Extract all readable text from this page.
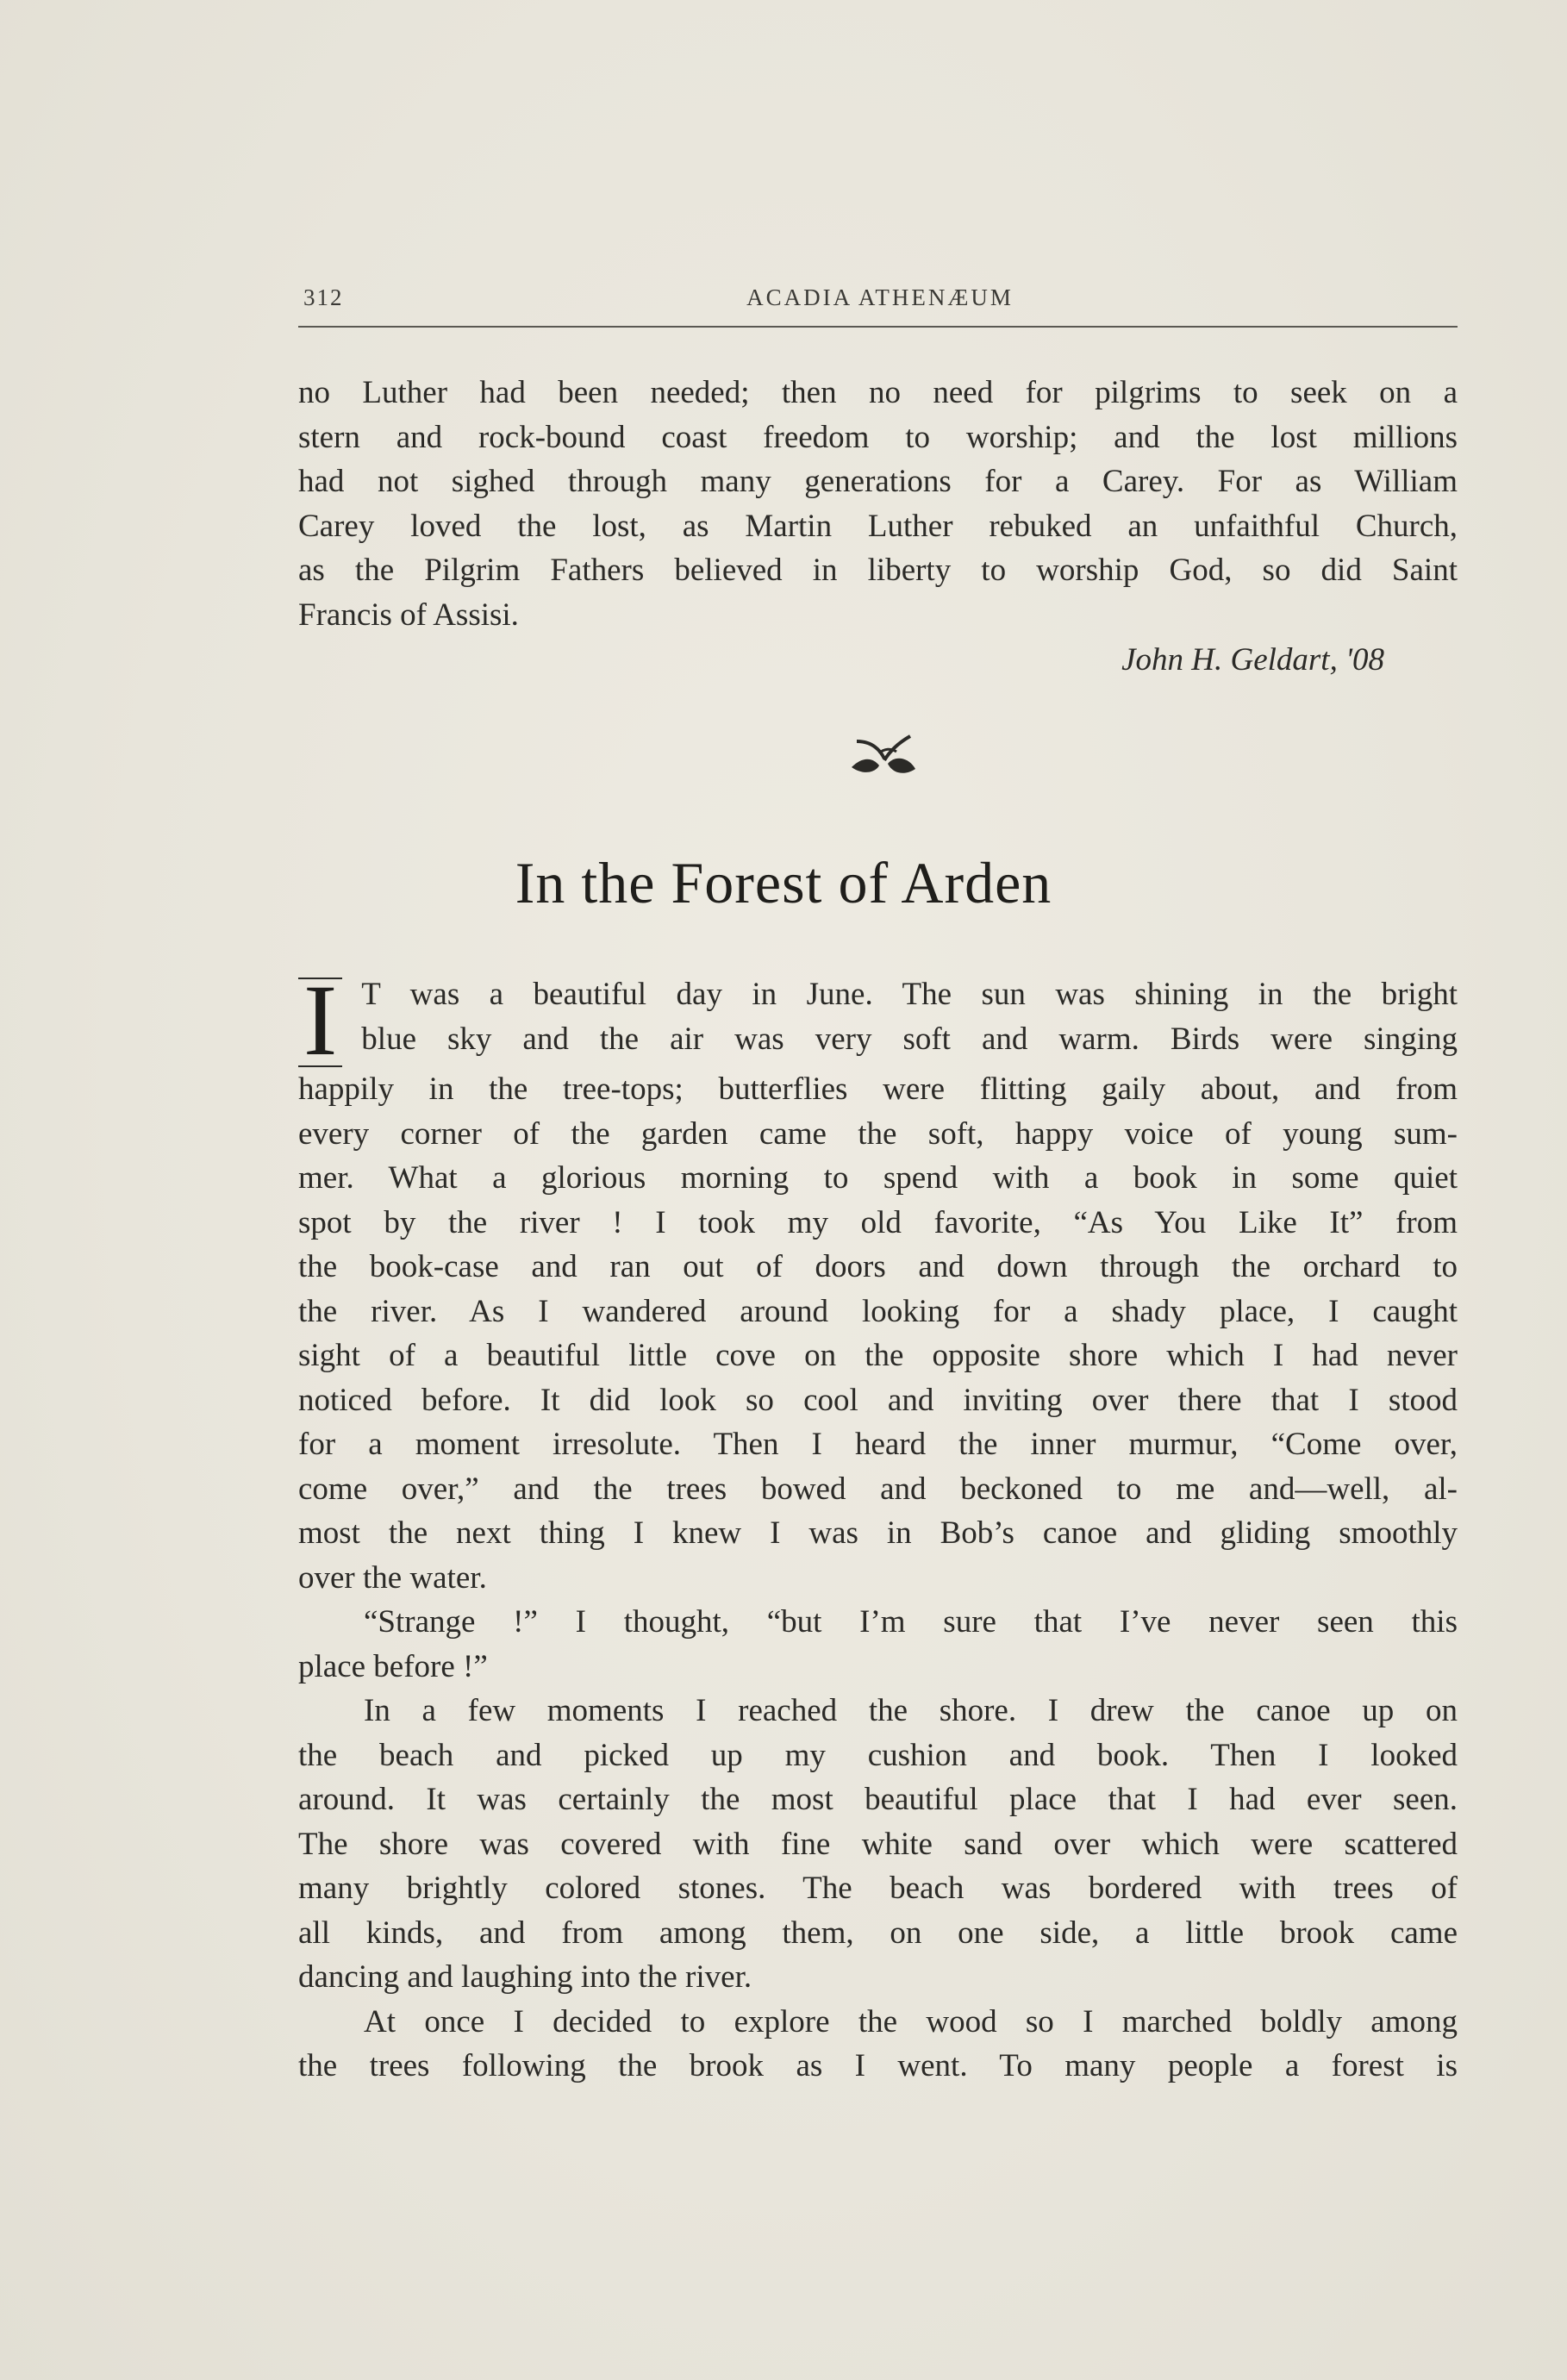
312	ACADIA ATHENÆUM
no Luther had been needed; then no need for pilgrims to seek on a
stern and rock-bound coast freedom to worship; and the lost millions
had not sighed through many generations for a Carey. For as William
Carey loved the lost, as Martin Luther rebuked an unfaithful Church,
as the Pilgrim Fathers believed in liberty to worship God, so did Saint
Francis of Assisi.
John H. Geldart, '08
In the Forest of Arden
I T was a beautiful day in June. The sun was shining in the bright
blue sky and the air was very soft and warm. Birds were singing
happily in the tree-tops; butterflies were flitting gaily about, and from
every corner of the garden came the soft, happy voice of young sum-
mer. What a glorious morning to spend with a book in some quiet
spot by the river ! I took my old favorite, “As You Like It” from
the book-case and ran out of doors and down through the orchard to
the river. As I wandered around looking for a shady place, I caught
sight of a beautiful little cove on the opposite shore which I had never
noticed before. It did look so cool and inviting over there that I stood
for a moment irresolute. Then I heard the inner murmur, “Come over,
come over,” and the trees bowed and beckoned to me and—well, al-
most the next thing I knew I was in Bob’s canoe and gliding smoothly
over the water.
“Strange !” I thought, “but I’m sure that I’ve never seen this
place before !”
In a few moments I reached the shore. I drew the canoe up on
the beach and picked up my cushion and book. Then I looked
around. It was certainly the most beautiful place that I had ever seen.
The shore was covered with fine white sand over which were scattered
many brightly colored stones. The beach was bordered with trees of
all kinds, and from among them, on one side, a little brook came
dancing and laughing into the river.
At once I decided to explore the wood so I marched boldly among
the trees following the brook as I went. To many people a forest is
